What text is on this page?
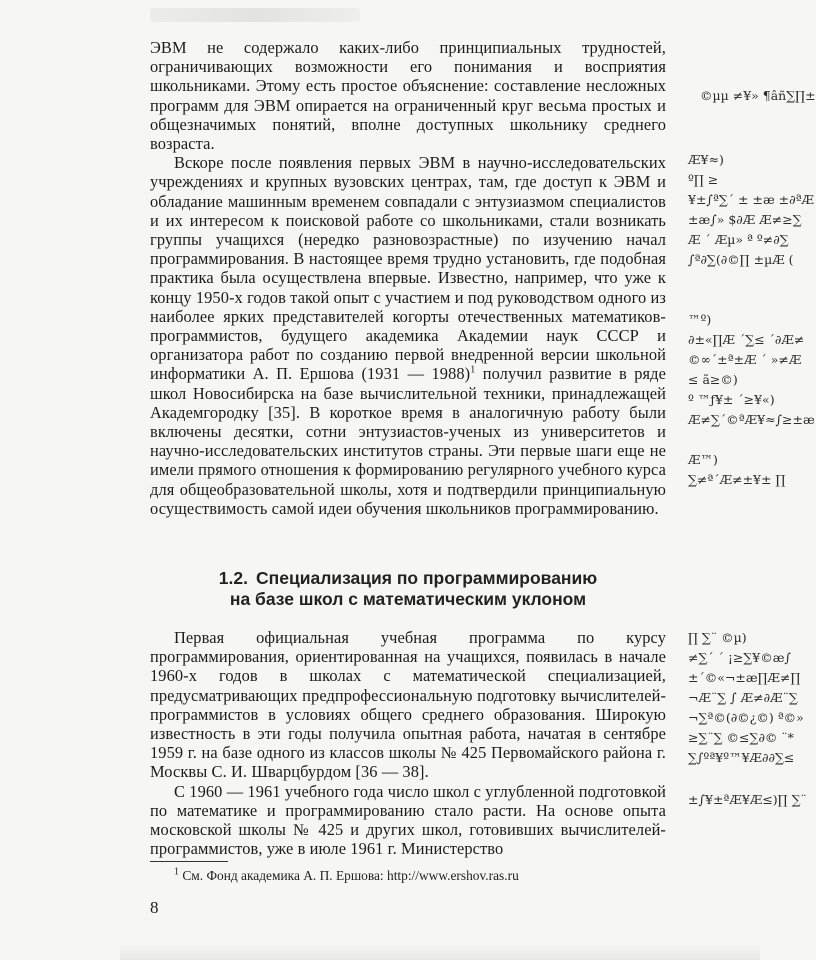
ЭВМ не содержало каких-либо принципиальных трудностей, ограничивающих возможности его понимания и восприятия школьниками. Этому есть простое объяснение: составление несложных программ для ЭВМ опирается на ограниченный круг весьма простых и общезначимых понятий, вполне доступных школьнику среднего возраста.

Вскоре после появления первых ЭВМ в научно-исследовательских учреждениях и крупных вузовских центрах, там, где доступ к ЭВМ и обладание машинным временем совпадали с энтузиазмом специалистов и их интересом к поисковой работе со школьниками, стали возникать группы учащихся (нередко разновозрастные) по изучению начал программирования. В настоящее время трудно установить, где подобная практика была осуществлена впервые. Известно, например, что уже к концу 1950-х годов такой опыт с участием и под руководством одного из наиболее ярких представителей когорты отечественных математиков-программистов, будущего академика Академии наук СССР и организатора работ по созданию первой внедренной версии школьной информатики А. П. Ершова (1931 — 1988)$^1$ получил развитие в ряде школ Новосибирска на базе вычислительной техники, принадлежащей Академгородку [35]. В короткое время в аналогичную работу были включены десятки, сотни энтузиастов-ученых из университетов и научно-исследовательских институтов страны. Эти первые шаги еще не имели прямого отношения к формированию регулярного учебного курса для общеобразовательной школы, хотя и подтвердили принципиальную осуществимость самой идеи обучения школьников программированию.

1.2. Специализация по программированию
на базе школ с математическим уклоном

Первая официальная учебная программа по курсу программирования, ориентированная на учащихся, появилась в начале 1960-х годов в школах с математической специализацией, предусматривающих предпрофессиональную подготовку вычислителей-программистов в условиях общего среднего образования. Широкую известность в эти годы получила опытная работа, начатая в сентябре 1959 г. на базе одного из классов школы № 425 Первомайского района г. Москвы С. И. Шварцбурдом [36 — 38].

С 1960 — 1961 учебного года число школ с углубленной подготовкой по математике и программированию стало расти. На основе опыта московской школы № 425 и других школ, готовивших вычислителей-программистов, уже в июле 1961 г. Министерство

$^1$ См. Фонд академика А. П. Ершова: http://www.ershov.ras.ru
8
©µµ ≠¥» ¶âñ∑∏±
Æ¥≈)
º∏ ≥
¥±∫ª∑´ ± ±æ ±∂ªÆ
±æ∫» $∂Æ Æ≠≥∑
Æ ´ Æµ» ª º≠∂∑
∫ª∂∑(∂©∏ ±µÆ (
™º)
∂±«∏Æ ´∑≤ ´∂Æ≠
©∞´±ª±Æ ´ »≠Æ
≤ ã≥©)
º ™ƒ¥± ´≥¥«)
Æ≠∑´©ªÆ¥≈∫≥±æ
Æ™)
∑≠ª´Æ≠±¥± ∏
∏ ∑¨ ©µ)
≠∑´ ´ ¡≥∑¥©æ∫
±´©«¬±æ∏Æ≠∏
¬Æ¨∑ ∫ Æ≠∂Æ¨∑
¬∑ª©(∂©¿©) ª©»
≥∑¨∑ ©≤∑∂© ¨*
∑∫ºª¥º™¥Æ∂∂∑≤
±∫¥±ªÆ¥Æ≤)∏ ∑¨
